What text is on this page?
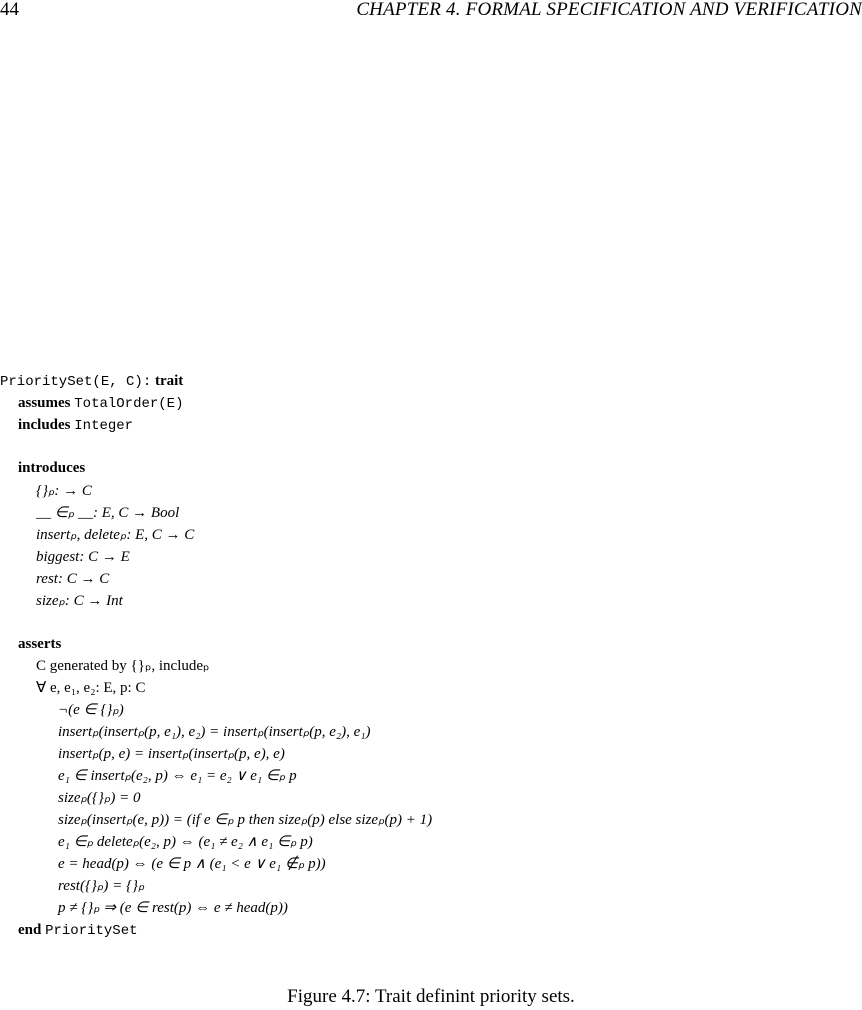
44	CHAPTER 4. FORMAL SPECIFICATION AND VERIFICATION
PrioritySet(E, C): trait
assumes TotalOrder(E)
includes Integer
introduces
{}ₚ: → C
__ ∈ₚ __: E, C → Bool
insertₚ, deleteₚ: E, C → C
biggest: C → E
rest: C → C
sizeₚ: C → Int
asserts
C generated by {}ₚ, includeₚ
∀ e, e₁, e₂: E, p: C
¬(e ∈ {}ₚ)
insertₚ(insertₚ(p, e₁), e₂) = insertₚ(insertₚ(p, e₂), e₁)
insertₚ(p, e) = insertₚ(insertₚ(p, e), e)
e₁ ∈ insertₚ(e₂, p) ⇔ e₁ = e₂ ∨ e₁ ∈ₚ p
sizeₚ({}ₚ) = 0
sizeₚ(insertₚ(e, p)) = (if e ∈ₚ p then sizeₚ(p) else sizeₚ(p) + 1)
e₁ ∈ₚ deleteₚ(e₂, p) ⇔ (e₁ ≠ e₂ ∧ e₁ ∈ₚ p)
e = head(p) ⇔ (e ∈ p ∧ (e₁ < e ∨ e₁ ∉ₚ p))
rest({}ₚ) = {}ₚ
p ≠ {}ₚ ⇒ (e ∈ rest(p) ⇔ e ≠ head(p))
end PrioritySet
Figure 4.7: Trait definint priority sets.
